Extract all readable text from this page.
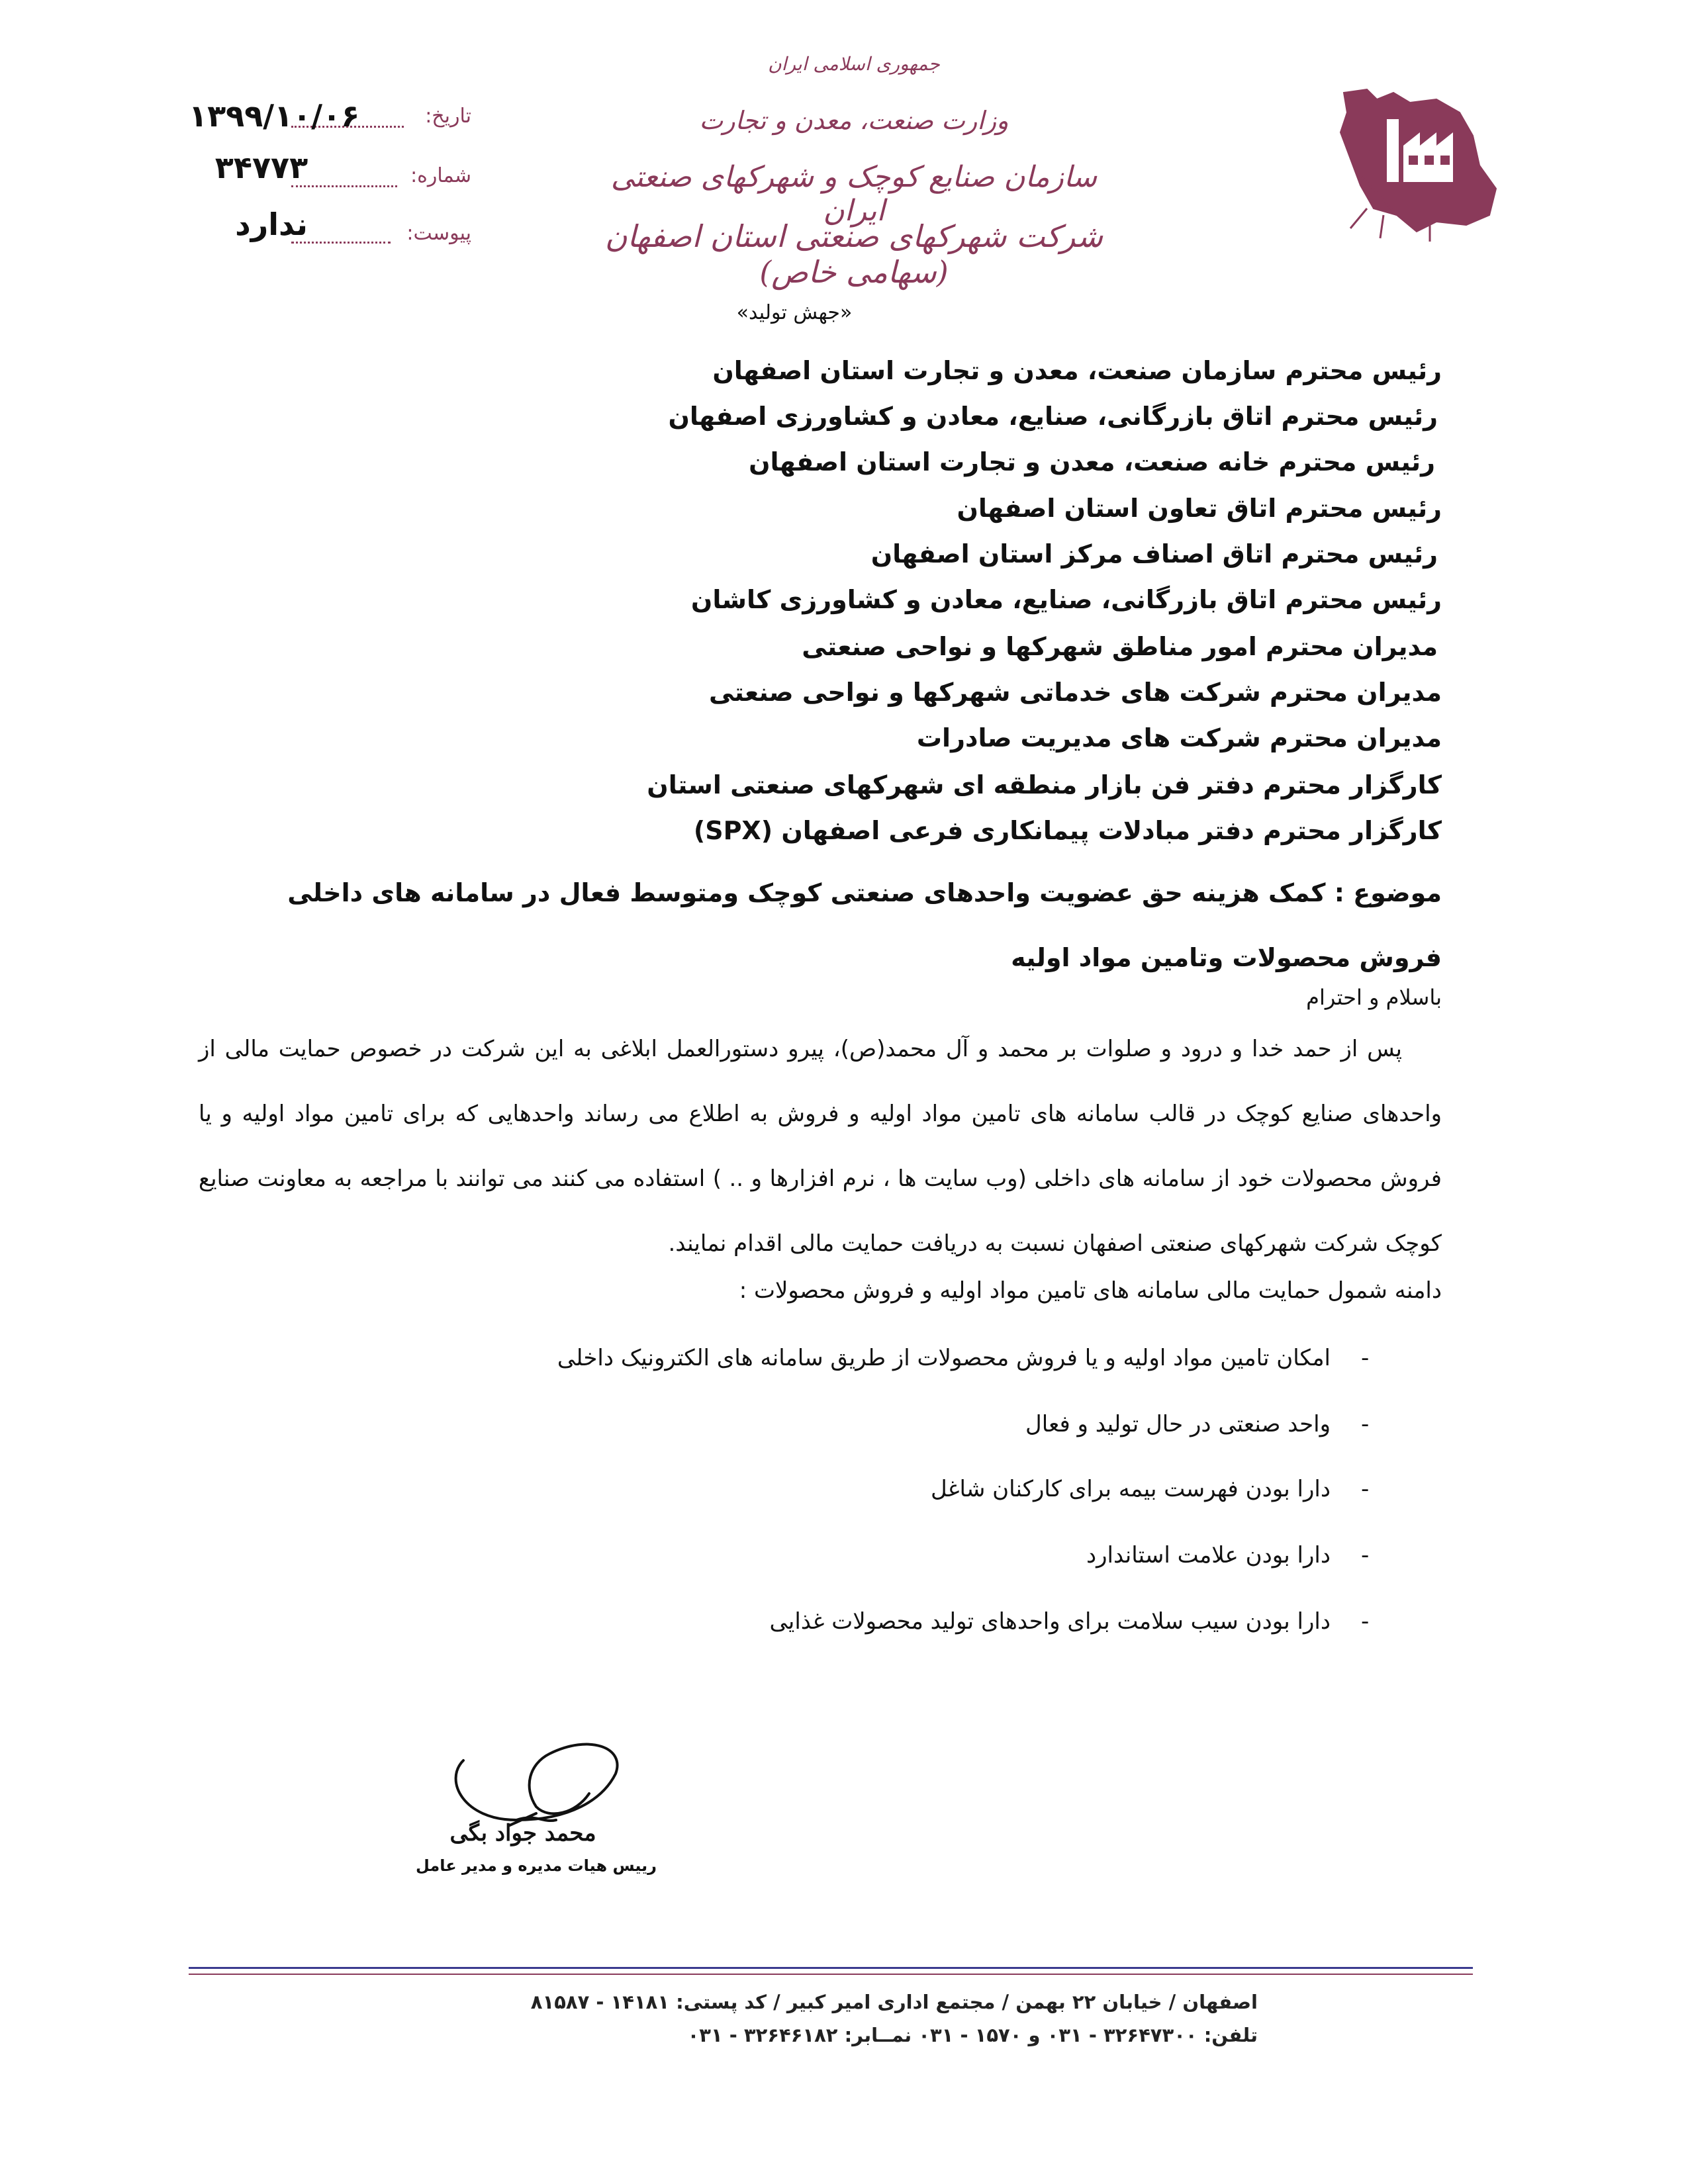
تاریخ:
۱۳۹۹/۱۰/۰۶
شماره:
۳۴۷۷۳
پیوست:
ندارد
جمهوری اسلامی ایران
وزارت صنعت، معدن و تجارت
سازمان صنایع کوچک و شهرکهای صنعتی ایران
شرکت شهرکهای صنعتی استان اصفهان (سهامی خاص)
«جهش تولید»
رئیس محترم سازمان صنعت، معدن و تجارت استان اصفهان
رئیس محترم اتاق بازرگانی، صنایع، معادن و کشاورزی اصفهان
رئیس محترم خانه صنعت، معدن و تجارت استان اصفهان
رئیس محترم اتاق تعاون استان اصفهان
رئیس محترم اتاق اصناف مرکز استان اصفهان
رئیس محترم اتاق بازرگانی، صنایع، معادن و کشاورزی کاشان
مدیران محترم امور مناطق شهرکها و نواحی صنعتی
مدیران محترم شرکت های خدماتی شهرکها و نواحی صنعتی
مدیران محترم شرکت های مدیریت صادرات
کارگزار محترم دفتر فن بازار منطقه ای شهرکهای صنعتی استان
کارگزار محترم دفتر مبادلات پیمانکاری فرعی اصفهان (SPX)
موضوع : کمک هزینه حق عضویت واحدهای صنعتی کوچک ومتوسط فعال در سامانه های داخلی فروش محصولات وتامین مواد اولیه
باسلام و احترام
پس از حمد خدا و درود و صلوات بر محمد و آل محمد(ص)، پیرو دستورالعمل ابلاغی به این شرکت در خصوص حمایت مالی از واحدهای صنایع کوچک در قالب سامانه های تامین مواد اولیه و فروش به اطلاع می رساند واحدهایی که برای تامین مواد اولیه و یا فروش محصولات خود از سامانه های داخلی (وب سایت ها ، نرم افزارها و .. ) استفاده می کنند می توانند با مراجعه به معاونت صنایع کوچک شرکت شهرکهای صنعتی اصفهان نسبت به دریافت حمایت مالی اقدام نمایند.
دامنه شمول حمایت مالی سامانه های تامین مواد اولیه و فروش محصولات :
-
امکان تامین مواد اولیه و یا فروش محصولات از طریق سامانه های الکترونیک داخلی
-
واحد صنعتی در حال تولید و فعال
-
دارا بودن فهرست بیمه برای کارکنان شاغل
-
دارا بودن علامت استاندارد
-
دارا بودن سیب سلامت برای واحدهای تولید محصولات غذایی
محمد جواد بگی
رییس هیات مدیره و مدیر عامل
اصفهان / خیابان ۲۲ بهمن / مجتمع اداری امیر کبیر / کد پستی: ۱۴۱۸۱ - ۸۱۵۸۷
تلفن: ۳۲۶۴۷۳۰۰ - ۰۳۱ و ۱۵۷۰ - ۰۳۱ نمــابر: ۳۲۶۴۶۱۸۲ - ۰۳۱
